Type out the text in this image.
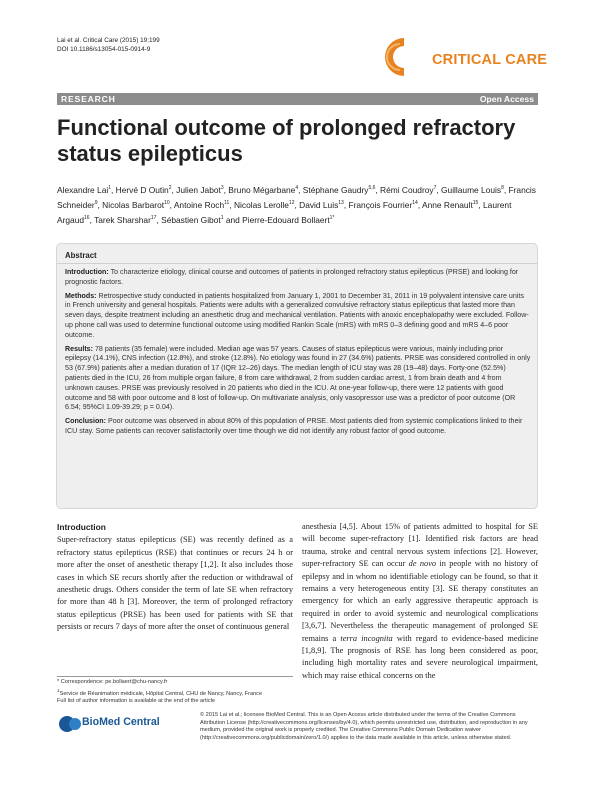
Lai et al. Critical Care (2015) 19:199
DOI 10.1186/s13054-015-0914-9
CRITICAL CARE
RESEARCH	Open Access
Functional outcome of prolonged refractory status epilepticus
Alexandre Lai$^1$, Hervé D Outin$^2$, Julien Jabot$^3$, Bruno Mégarbane$^4$, Stéphane Gaudry$^{5,6}$, Rémi Coudroy$^7$, Guillaume Louis$^8$, Francis Schneider$^9$, Nicolas Barbarot$^{10}$, Antoine Roch$^{11}$, Nicolas Lerolle$^{12}$, David Luis$^{13}$, François Fourrier$^{14}$, Anne Renault$^{15}$, Laurent Argaud$^{16}$, Tarek Sharshar$^{17}$, Sébastien Gibot$^1$ and Pierre-Edouard Bollaert$^{1*}$
Abstract

Introduction: To characterize etiology, clinical course and outcomes of patients in prolonged refractory status epilepticus (PRSE) and looking for prognostic factors.

Methods: Retrospective study conducted in patients hospitalized from January 1, 2001 to December 31, 2011 in 19 polyvalent intensive care units in French university and general hospitals. Patients were adults with a generalized convulsive refractory status epilepticus that lasted more than seven days, despite treatment including an anesthetic drug and mechanical ventilation. Patients with anoxic encephalopathy were excluded. Follow-up phone call was used to determine functional outcome using modified Rankin Scale (mRS) with mRS 0–3 defining good and mRS 4–6 poor outcome.

Results: 78 patients (35 female) were included. Median age was 57 years. Causes of status epilepticus were various, mainly including prior epilepsy (14.1%), CNS infection (12.8%), and stroke (12.8%). No etiology was found in 27 (34.6%) patients. PRSE was considered controlled in only 53 (67.9%) patients after a median duration of 17 (IQR 12–26) days. The median length of ICU stay was 28 (19–48) days. Forty-one (52.5%) patients died in the ICU, 26 from multiple organ failure, 8 from care withdrawal, 2 from sudden cardiac arrest, 1 from brain death and 4 from unknown causes. PRSE was previously resolved in 20 patients who died in the ICU. At one-year follow-up, there were 12 patients with good outcome and 58 with poor outcome and 8 lost of follow-up. On multivariate analysis, only vasopressor use was a predictor of poor outcome (OR 6.54; 95%CI 1.09-39.29; p = 0.04).

Conclusion: Poor outcome was observed in about 80% of this population of PRSE. Most patients died from systemic complications linked to their ICU stay. Some patients can recover satisfactorily over time though we did not identify any robust factor of good outcome.

Introduction

Super-refractory status epilepticus (SE) was recently defined as a refractory status epilepticus (RSE) that continues or recurs 24 h or more after the onset of anesthetic therapy [1,2]. It also includes those cases in which SE recurs shortly after the reduction or withdrawal of anesthetic drugs. Others consider the term of late SE when refractory for more than 48 h [3]. Moreover, the term of prolonged refractory status epilepticus (PRSE) has been used for patients with SE that persists or recurs 7 days of more after the onset of continuous general

anesthesia [4,5]. About 15% of patients admitted to hospital for SE will become super-refractory [1]. Identified risk factors are head trauma, stroke and central nervous system infections [2]. However, super-refractory SE can occur de novo in people with no history of epilepsy and in whom no identifiable etiology can be found, so that it remains a very heterogeneous entity [3]. SE therapy constitutes an emergency for which an early aggressive therapeutic approach is required in order to avoid systemic and neurological complications [3,6,7]. Nevertheless the therapeutic management of prolonged SE remains a terra incognita with regard to evidence-based medicine [1,8,9]. The prognosis of RSE has long been considered as poor, including high mortality rates and severe neurological impairment, which may raise ethical concerns on the

* Correspondence: pe.bollaert@chu-nancy.fr
$^1$Service de Réanimation médicale, Hôpital Central, CHU de Nancy, Nancy, France
Full list of author information is available at the end of the article
BioMed Central
© 2015 Lai et al.; licensee BioMed Central. This is an Open Access article distributed under the terms of the Creative Commons Attribution License (http://creativecommons.org/licenses/by/4.0), which permits unrestricted use, distribution, and reproduction in any medium, provided the original work is properly credited. The Creative Commons Public Domain Dedication waiver (http://creativecommons.org/publicdomain/zero/1.0/) applies to the data made available in this article, unless otherwise stated.
